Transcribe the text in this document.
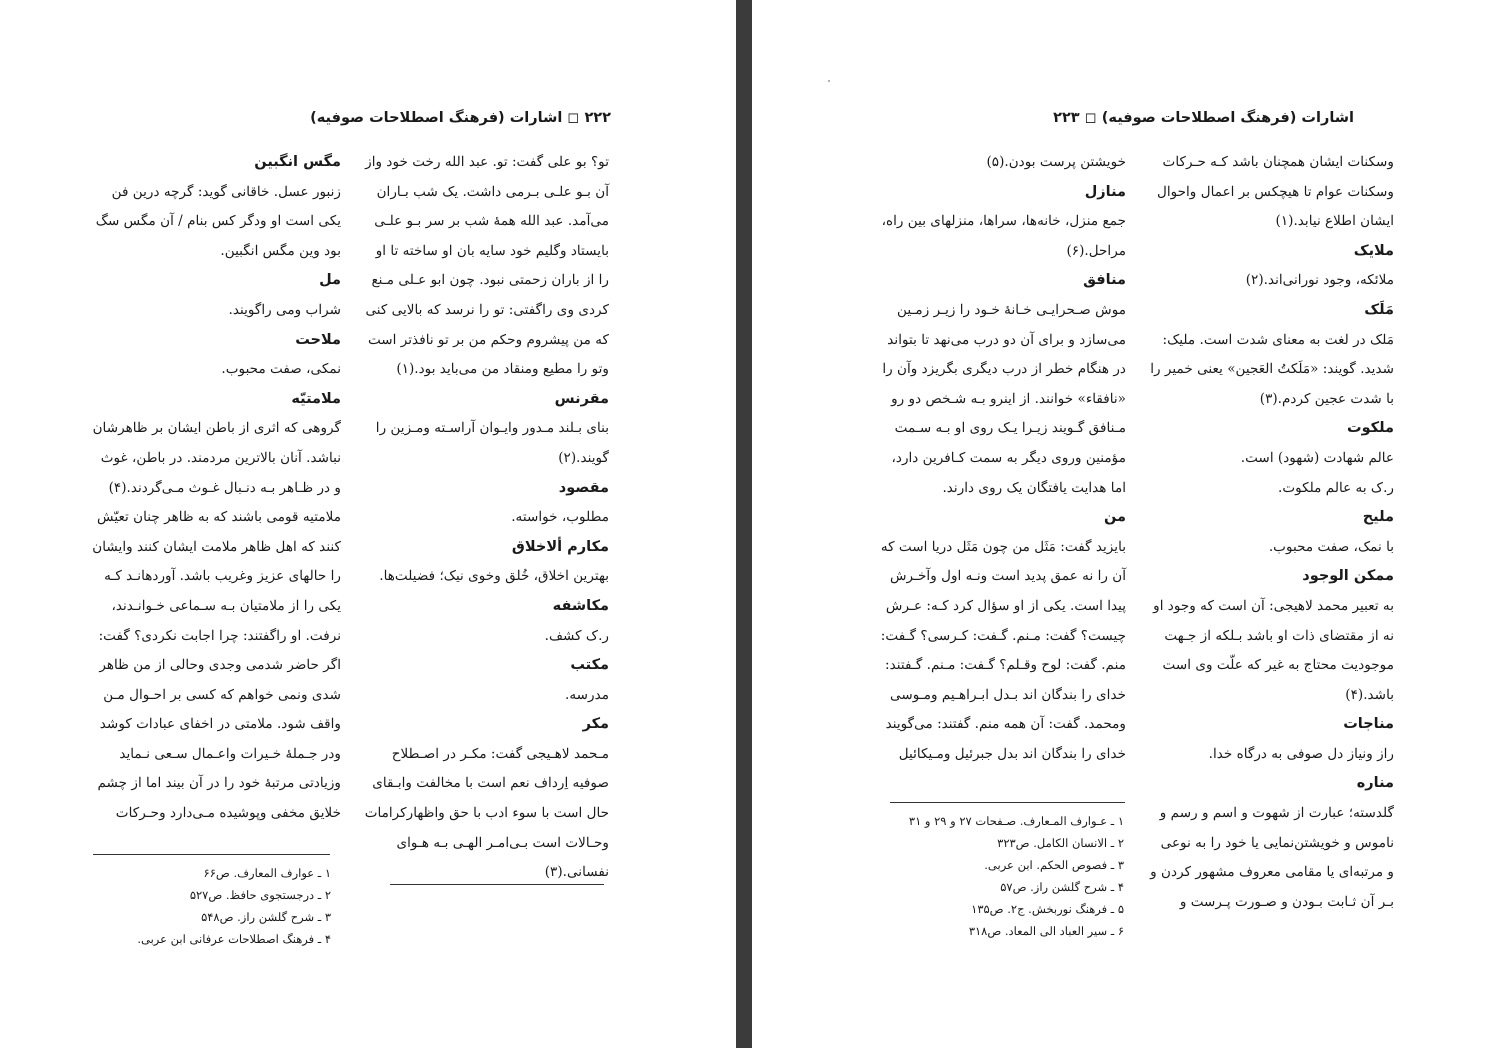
۲۲۲ ◻ اشارات (فرهنگ اصطلاحات صوفیه)
تو؟ بو علی گفت: تو. عبد الله رخت خود واز
آن بـو علـی بـرمی داشت. یک شب بـاران
می‌آمد. عبد الله همهٔ شب بر سر بـو علـی
بایستاد وگلیم خود سایه بان او ساخته تا او
را از باران زحمتی نبود. چون ابو عـلی مـنع
کردی وی راگفتی: تو را نرسد که بالایی کنی
که من پیشروم وحکم من بر تو نافذتر است
وتو را مطیع ومنقاد من می‌باید بود.(۱)
مقرنس
بنای بـلند مـدور وایـوان آراسـته ومـزین را
گویند.(۲)
مقصود
مطلوب، خواسته.
مکارم ألاخلاق
بهترین اخلاق، خُلق وخوی نیک؛ فضیلت‌ها.
مکاشفه
ر.ک کشف.
مکتب
مدرسه.
مکر
مـحمد لاهـیجی گفت: مکـر در اصـطلاح
صوفیه اِرداف نعم است با مخالفت وابـقای
حال است با سوء ادب با حق واظهارکرامات
وحـالات است بـی‌امـر الهـی بـه هـوای
نفسانی.(۳)
مگس انگبین
زنبور عسل. خاقانی گوید: گرچه درین فن
یکی است او ودگر کس بنام / آن مگس سگ
بود وین مگس انگبین.
مل
شراب ومی راگویند.
ملاحت
نمکی، صفت محبوب.
ملامتیّه
گروهی که اثری از باطن ایشان بر ظاهرشان
نباشد. آنان بالاترین مردمند. در باطن، غوث
و در ظـاهر بـه دنـبال غـوث مـی‌گردند.(۴)
ملامتیه قومی باشند که به ظاهر چنان تعیّش
کنند که اهل ظاهر ملامت ایشان کنند وایشان
را حالهای عزیز وغریب باشد. آوردهانـد کـه
یکی را از ملامتیان بـه سـماعی خـوانـدند،
نرفت. او راگفتند: چرا اجابت نکردی؟ گفت:
اگر حاضر شدمی وجدی وحالی از من ظاهر
شدی ونمی خواهم که کسی بر احـوال مـن
واقف شود. ملامتی در اخفای عبادات کوشد
ودر جـملهٔ خـیرات واعـمال سـعی نـماید
وزیادتی مرتبهٔ خود را در آن بیند اما از چشم
خلایق مخفی وپوشیده مـی‌دارد وحـرکات
۱ ـ عوارف المعارف. ص۶۶
۲ ـ درجستجوی حافظ. ص۵۲۷
۳ ـ شرح گلشن راز. ص۵۴۸
۴ ـ فرهنگ اصطلاحات عرفانی ابن عربی.
اشارات (فرهنگ اصطلاحات صوفیه) ◻ ۲۲۳
وسکنات ایشان همچنان باشد کـه حـرکات
وسکنات عوام تا هیچکس بر اعمال واحوال
ایشان اطلاع نیابد.(۱)
ملایک
ملائکه، وجود نورانی‌اند.(۲)
مَلَک
مَلک در لغت به معنای شدت است. ملیک:
شدید. گویند: «مَلَکتُ العَجین» یعنی خمیر را
با شدت عجین کردم.(۳)
ملکوت
عالم شهادت (شهود) است.
ر.ک به عالم ملکوت.
ملیح
با نمک، صفت محبوب.
ممکن الوجود
به تعبیر محمد لاهیجی: آن است که وجود او
نه از مقتضای ذات او باشد بـلکه از جـهت
موجودیت محتاج به غیر که علّت وی است
باشد.(۴)
مناجات
راز ونیاز دل صوفی به درگاه خدا.
مناره
گلدسته؛ عبارت از شهوت و اسم و رسم و
ناموس و خویشتن‌نمایی یا خود را به نوعی
و مرتبه‌ای یا مقامی معروف مشهور کردن و
بـر آن ثـابت بـودن و صـورت پـرست و
خویشتن پرست بودن.(۵)
منازل
جمع منزل، خانه‌ها، سراها، منزلهای بین راه،
مراحل.(۶)
منافق
موش صـحرایـی خـانهٔ خـود را زیـر زمـین
می‌سازد و برای آن دو درب می‌نهد تا بتواند
در هنگام خطر از درب دیگری بگریزد وآن را
«نافقاء» خوانند. از اینرو بـه شـخص دو رو
مـنافق گـویند زیـرا یـک روی او بـه سـمت
مؤمنین وروی دیگر به سمت کـافرین دارد،
اما هدایت یافتگان یک روی دارند.
من
بایزید گفت: مَثَل من چون مَثَل دریا است که
آن را نه عمق پدید است ونـه اول وآخـرش
پیدا است. یکی از او سؤال کرد کـه: عـرش
چیست؟ گفت: مـنم. گـفت: کـرسی؟ گـفت:
منم. گفت: لوح وقـلم؟ گـفت: مـنم. گـفتند:
خدای را بندگان اند بـدل ابـراهـیم ومـوسی
ومحمد. گفت: آن همه منم. گفتند: می‌گویند
خدای را بندگان اند بدل جبرئیل ومـیکائیل
۱ ـ عـوارف المـعارف. صـفحات ۲۷ و ۲۹ و ۳۱
۲ ـ الانسان الکامل. ص۳۲۳
۳ ـ فصوص الحکم. ابن عربی.
۴ ـ شرح گلشن راز. ص۵۷
۵ ـ فرهنگ نوربخش. ج۲. ص۱۳۵
۶ ـ سیر العباد الی المعاد. ص۳۱۸
